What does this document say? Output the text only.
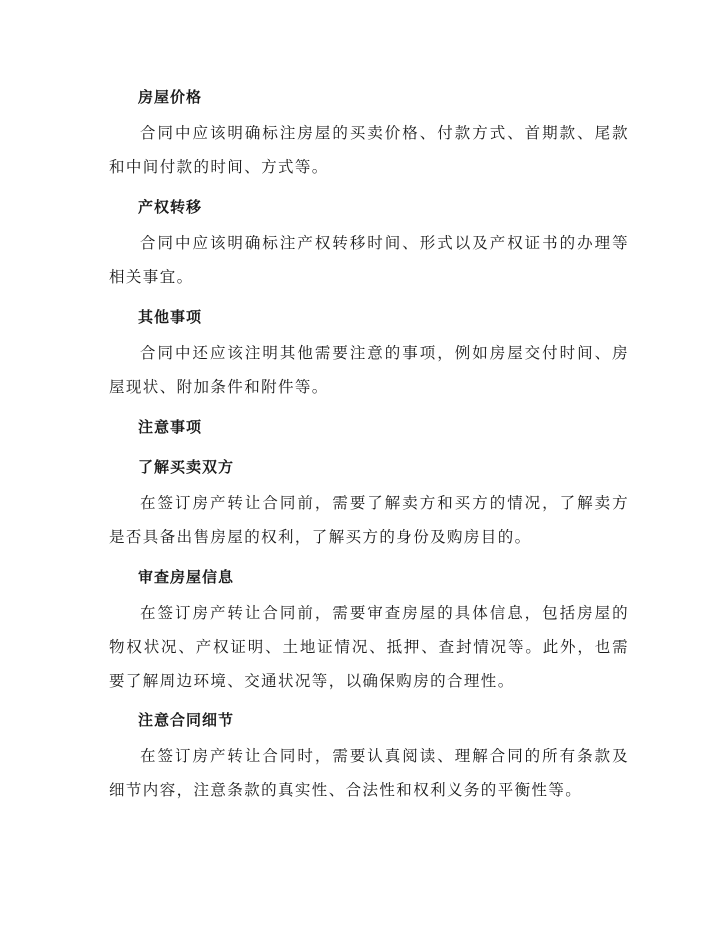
房屋价格
合同中应该明确标注房屋的买卖价格、付款方式、首期款、尾款和中间付款的时间、方式等。
产权转移
合同中应该明确标注产权转移时间、形式以及产权证书的办理等相关事宜。
其他事项
合同中还应该注明其他需要注意的事项，例如房屋交付时间、房屋现状、附加条件和附件等。
注意事项
了解买卖双方
在签订房产转让合同前，需要了解卖方和买方的情况，了解卖方是否具备出售房屋的权利，了解买方的身份及购房目的。
审查房屋信息
在签订房产转让合同前，需要审查房屋的具体信息，包括房屋的物权状况、产权证明、土地证情况、抵押、查封情况等。此外，也需要了解周边环境、交通状况等，以确保购房的合理性。
注意合同细节
在签订房产转让合同时，需要认真阅读、理解合同的所有条款及细节内容，注意条款的真实性、合法性和权利义务的平衡性等。
